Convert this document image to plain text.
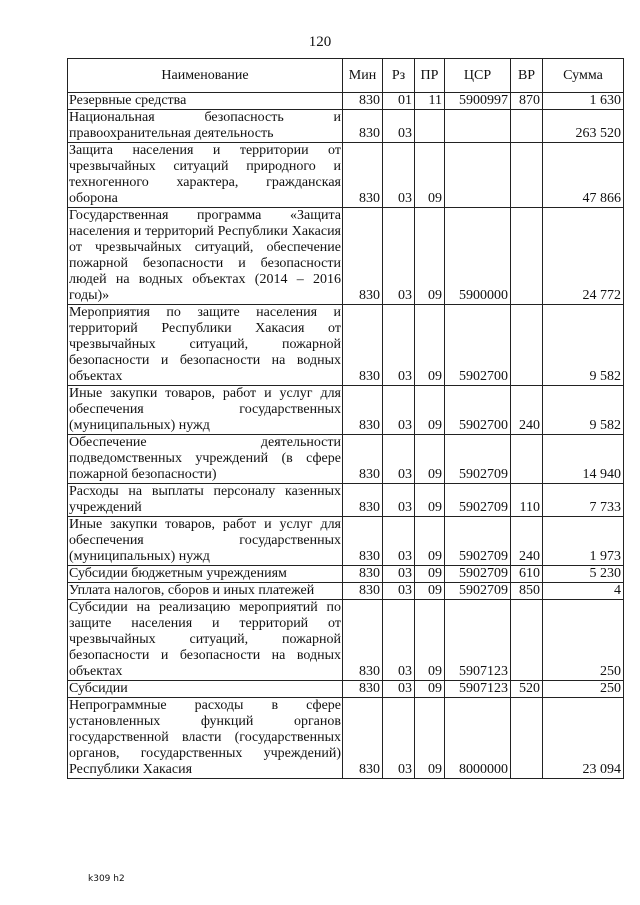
120
Наименование	Мин	Рз	ПР	ЦСР	ВР	Сумма
Резервные средства	830	01	11	5900997	870	1 630
Национальная безопасность и правоохранительная деятельность	830	03				263 520
Защита населения и территории от чрезвычайных ситуаций природного и техногенного характера, гражданская оборона	830	03	09			47 866
Государственная программа «Защита населения и территорий Республики Хакасия от чрезвычайных ситуаций, обеспечение пожарной безопасности и безопасности людей на водных объектах (2014 – 2016 годы)»	830	03	09	5900000		24 772
Мероприятия по защите населения и территорий Республики Хакасия от чрезвычайных ситуаций, пожарной безопасности и безопасности на водных объектах	830	03	09	5902700		9 582
Иные закупки товаров, работ и услуг для обеспечения государственных (муниципальных) нужд	830	03	09	5902700	240	9 582
Обеспечение деятельности подведомственных учреждений (в сфере пожарной безопасности)	830	03	09	5902709		14 940
Расходы на выплаты персоналу казенных учреждений	830	03	09	5902709	110	7 733
Иные закупки товаров, работ и услуг для обеспечения государственных (муниципальных) нужд	830	03	09	5902709	240	1 973
Субсидии бюджетным учреждениям	830	03	09	5902709	610	5 230
Уплата налогов, сборов и иных платежей	830	03	09	5902709	850	4
Субсидии на реализацию мероприятий по защите населения и территорий от чрезвычайных ситуаций, пожарной безопасности и безопасности на водных объектах	830	03	09	5907123		250
Субсидии	830	03	09	5907123	520	250
Непрограммные расходы в сфере установленных функций органов государственной власти (государственных органов, государственных учреждений) Республики Хакасия	830	03	09	8000000		23 094
k309 h2
